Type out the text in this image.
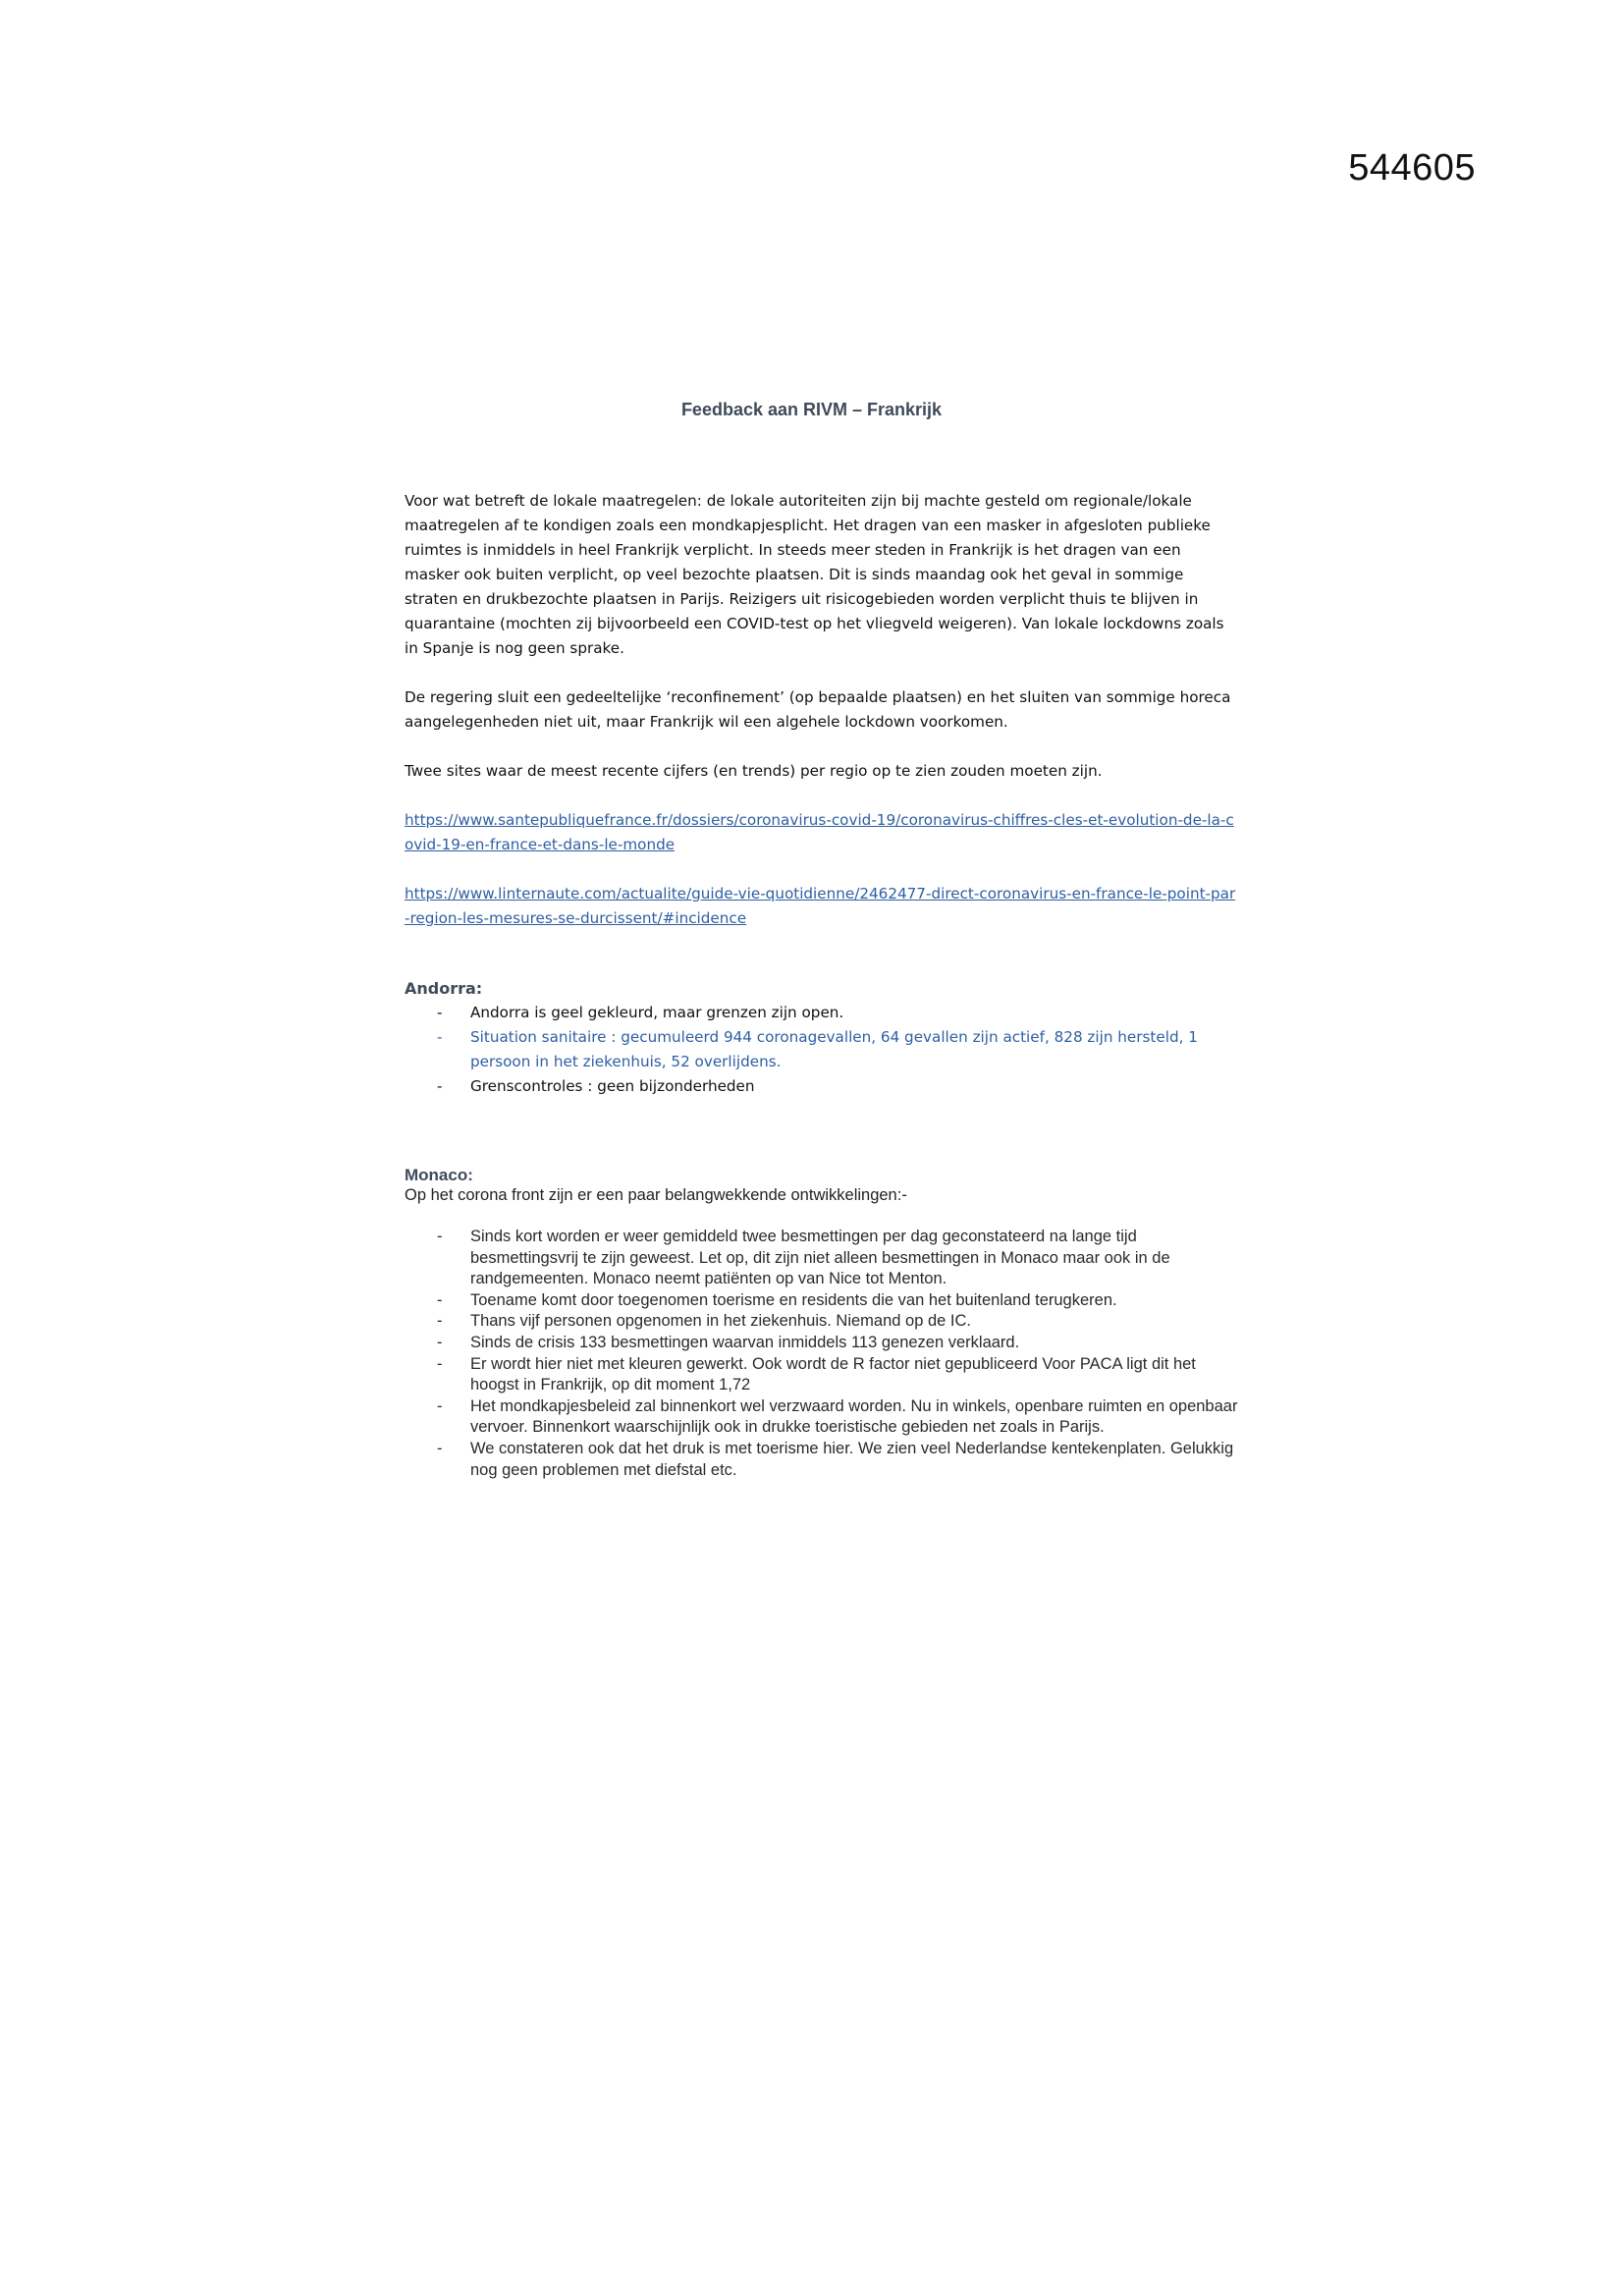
544605
Feedback aan RIVM – Frankrijk

Voor wat betreft de lokale maatregelen: de lokale autoriteiten zijn bij machte gesteld om regionale/lokale maatregelen af te kondigen zoals een mondkapjesplicht. Het dragen van een masker in afgesloten publieke ruimtes is inmiddels in heel Frankrijk verplicht. In steeds meer steden in Frankrijk is het dragen van een masker ook buiten verplicht, op veel bezochte plaatsen. Dit is sinds maandag ook het geval in sommige straten en drukbezochte plaatsen in Parijs. Reizigers uit risicogebieden worden verplicht thuis te blijven in quarantaine (mochten zij bijvoorbeeld een COVID-test op het vliegveld weigeren). Van lokale lockdowns zoals in Spanje is nog geen sprake.

De regering sluit een gedeeltelijke ‘reconfinement’ (op bepaalde plaatsen) en het sluiten van sommige horeca aangelegenheden niet uit, maar Frankrijk wil een algehele lockdown voorkomen.

Twee sites waar de meest recente cijfers (en trends) per regio op te zien zouden moeten zijn.

https://www.santepubliquefrance.fr/dossiers/coronavirus-covid-19/coronavirus-chiffres-cles-et-evolution-de-la-covid-19-en-france-et-dans-le-monde
https://www.linternaute.com/actualite/guide-vie-quotidienne/2462477-direct-coronavirus-en-france-le-point-par-region-les-mesures-se-durcissent/#incidence
Andorra:
- Andorra is geel gekleurd, maar grenzen zijn open.
- Situation sanitaire : gecumuleerd 944 coronagevallen, 64 gevallen zijn actief, 828 zijn hersteld, 1 persoon in het ziekenhuis, 52 overlijdens.
- Grenscontroles : geen bijzonderheden
Monaco:
Op het corona front zijn er een paar belangwekkende ontwikkelingen:-
- Sinds kort worden er weer gemiddeld twee besmettingen per dag geconstateerd na lange tijd besmettingsvrij te zijn geweest. Let op, dit zijn niet alleen besmettingen in Monaco maar ook in de randgemeenten. Monaco neemt patiënten op van Nice tot Menton.
- Toename komt door toegenomen toerisme en residents die van het buitenland terugkeren.
- Thans vijf personen opgenomen in het ziekenhuis. Niemand op de IC.
- Sinds de crisis 133 besmettingen waarvan inmiddels 113 genezen verklaard.
- Er wordt hier niet met kleuren gewerkt. Ook wordt de R factor niet gepubliceerd Voor PACA ligt dit het hoogst in Frankrijk, op dit moment 1,72
- Het mondkapjesbeleid zal binnenkort wel verzwaard worden. Nu in winkels, openbare ruimten en openbaar vervoer. Binnenkort waarschijnlijk ook in drukke toeristische gebieden net zoals in Parijs.
- We constateren ook dat het druk is met toerisme hier. We zien veel Nederlandse kentekenplaten. Gelukkig nog geen problemen met diefstal etc.
